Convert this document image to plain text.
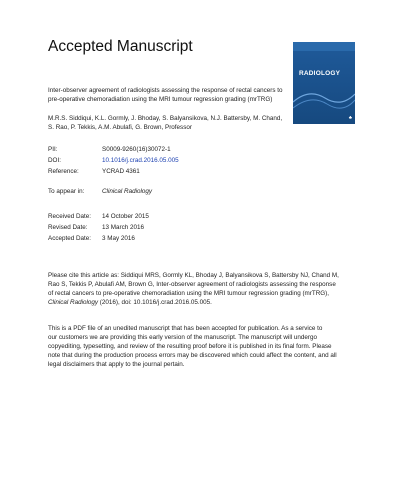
Accepted Manuscript
RADIOLOGY
♣
Inter-observer agreement of radiologists assessing the response of rectal cancers to
pre-operative chemoradiation using the MRI tumour regression grading (mrTRG)
M.R.S. Siddiqui, K.L. Gormly, J. Bhoday, S. Balyansikova, N.J. Battersby, M. Chand,
S. Rao, P. Tekkis, A.M. Abulafi, G. Brown, Professor
PII:	S0009-9260(16)30072-1
DOI:	10.1016/j.crad.2016.05.005
Reference:	YCRAD 4361
To appear in:	Clinical Radiology
Received Date: 14 October 2015
Revised Date: 13 March 2016
Accepted Date: 3 May 2016
Please cite this article as: Siddiqui MRS, Gormly KL, Bhoday J, Balyansikova S, Battersby NJ, Chand M,
Rao S, Tekkis P, Abulafi AM, Brown G, Inter-observer agreement of radiologists assessing the response
of rectal cancers to pre-operative chemoradiation using the MRI tumour regression grading (mrTRG),
Clinical Radiology (2016), doi: 10.1016/j.crad.2016.05.005.
This is a PDF file of an unedited manuscript that has been accepted for publication. As a service to
our customers we are providing this early version of the manuscript. The manuscript will undergo
copyediting, typesetting, and review of the resulting proof before it is published in its final form. Please
note that during the production process errors may be discovered which could affect the content, and all
legal disclaimers that apply to the journal pertain.
